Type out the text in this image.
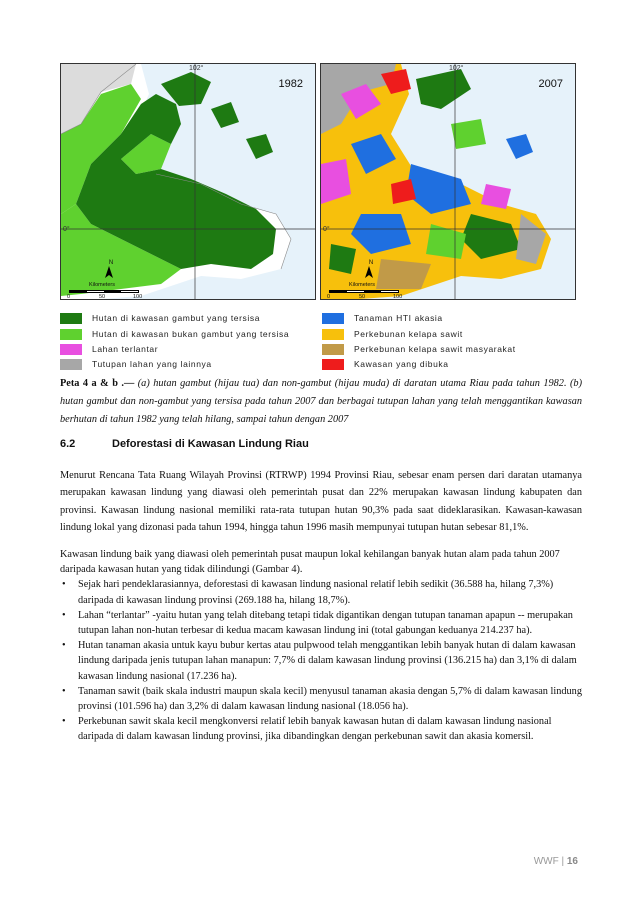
1982
102°
0°
N
Kilometers
0	50	100
2007
102°
0°
N
Kilometers
0	50	100
Hutan di kawasan gambut yang tersisa
Hutan di kawasan bukan gambut yang tersisa
Lahan terlantar
Tutupan lahan yang lainnya
Tanaman HTI akasia
Perkebunan kelapa sawit
Perkebunan kelapa sawit masyarakat
Kawasan yang dibuka
Peta 4 a & b .— (a) hutan gambut (hijau tua) dan non-gambut (hijau muda) di daratan utama Riau pada tahun 1982. (b) hutan gambut dan non-gambut yang tersisa pada tahun 2007 dan berbagai tutupan lahan yang telah menggantikan kawasan berhutan di tahun 1982 yang telah hilang, sampai tahun dengan 2007
6.2	Deforestasi di Kawasan Lindung Riau
Menurut Rencana Tata Ruang Wilayah Provinsi (RTRWP) 1994 Provinsi Riau, sebesar enam persen dari daratan utamanya merupakan kawasan lindung yang diawasi oleh pemerintah pusat dan 22% merupakan kawasan lindung kabupaten dan provinsi. Kawasan lindung nasional memiliki rata-rata tutupan hutan 90,3% pada saat dideklarasikan. Kawasan-kawasan lindung lokal yang dizonasi pada tahun 1994, hingga tahun 1996 masih mempunyai tutupan hutan sebesar 81,1%.
Kawasan lindung baik yang diawasi oleh pemerintah pusat maupun lokal kehilangan banyak hutan alam pada tahun 2007 daripada kawasan hutan yang tidak dilindungi (Gambar 4).
• Sejak hari pendeklarasiannya, deforestasi di kawasan lindung nasional relatif lebih sedikit (36.588 ha, hilang 7,3%) daripada di kawasan lindung provinsi (269.188 ha, hilang 18,7%).
• Lahan “terlantar” -yaitu hutan yang telah ditebang tetapi tidak digantikan dengan tutupan tanaman apapun -- merupakan tutupan lahan non-hutan terbesar di kedua macam kawasan lindung ini (total gabungan keduanya 214.237 ha).
• Hutan tanaman akasia untuk kayu bubur kertas atau pulpwood telah menggantikan lebih banyak hutan di dalam kawasan lindung daripada jenis tutupan lahan manapun: 7,7% di dalam kawasan lindung provinsi (136.215 ha) dan 3,1% di dalam kawasan lindung nasional (17.236 ha).
• Tanaman sawit (baik skala industri maupun skala kecil) menyusul tanaman akasia dengan 5,7% di dalam kawasan lindung provinsi (101.596 ha) dan 3,2% di dalam kawasan lindung nasional (18.056 ha).
• Perkebunan sawit skala kecil mengkonversi relatif lebih banyak kawasan hutan di dalam kawasan lindung nasional daripada di dalam kawasan lindung provinsi, jika dibandingkan dengan perkebunan sawit dan akasia komersil.
WWF | 16
